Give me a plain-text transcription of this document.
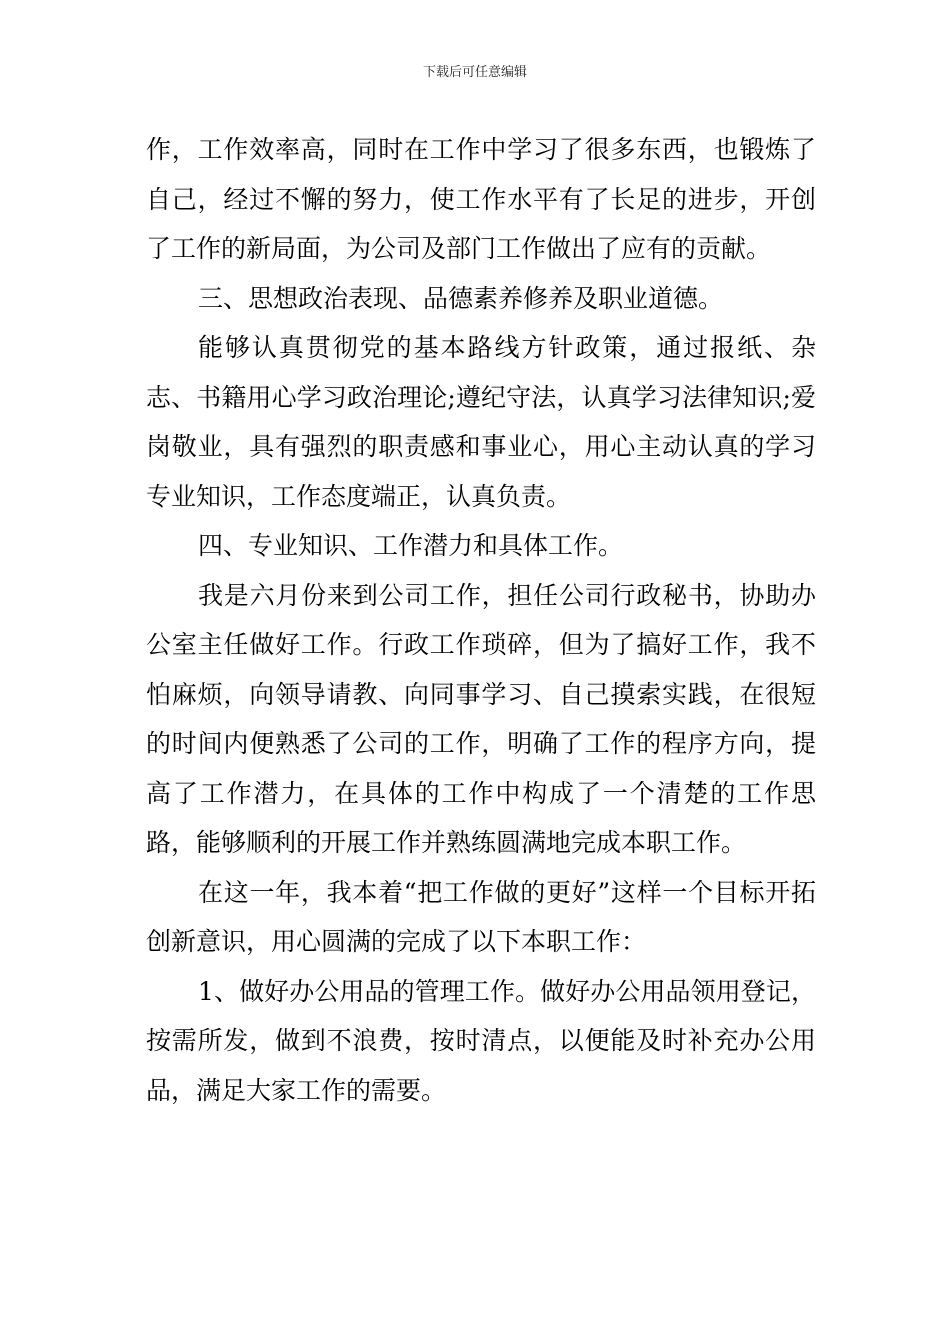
下载后可任意编辑

作，工作效率高，同时在工作中学习了很多东西，也锻炼了自己，经过不懈的努力，使工作水平有了长足的进步，开创了工作的新局面，为公司及部门工作做出了应有的贡献。

三、思想政治表现、品德素养修养及职业道德。

能够认真贯彻党的基本路线方针政策，通过报纸、杂志、书籍用心学习政治理论;遵纪守法，认真学习法律知识;爱岗敬业，具有强烈的职责感和事业心，用心主动认真的学习专业知识，工作态度端正，认真负责。

四、专业知识、工作潜力和具体工作。

我是六月份来到公司工作，担任公司行政秘书，协助办公室主任做好工作。行政工作琐碎，但为了搞好工作，我不怕麻烦，向领导请教、向同事学习、自己摸索实践，在很短的时间内便熟悉了公司的工作，明确了工作的程序方向，提高了工作潜力，在具体的工作中构成了一个清楚的工作思路，能够顺利的开展工作并熟练圆满地完成本职工作。

在这一年，我本着“把工作做的更好”这样一个目标开拓创新意识，用心圆满的完成了以下本职工作：

1、做好办公用品的管理工作。做好办公用品领用登记，按需所发，做到不浪费，按时清点，以便能及时补充办公用品，满足大家工作的需要。
